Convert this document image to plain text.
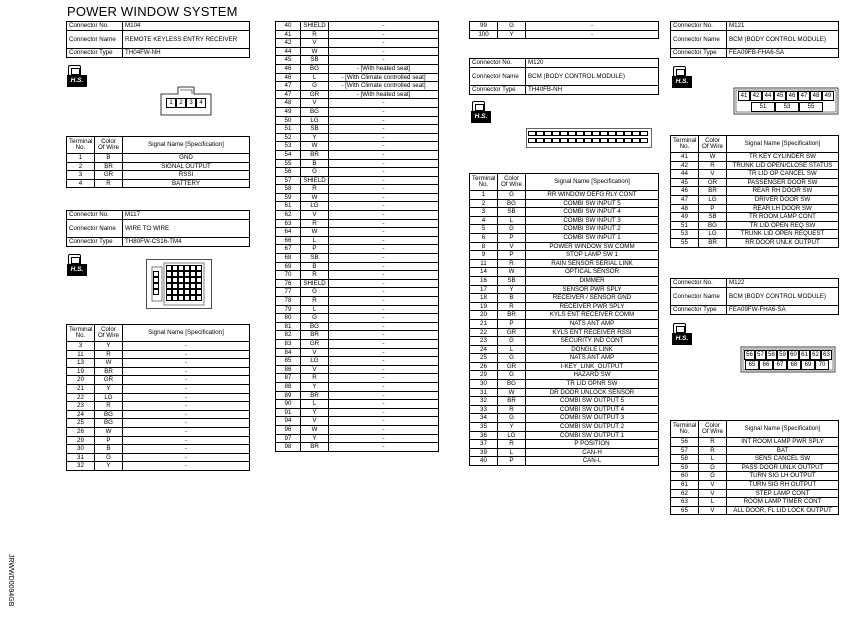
POWER WINDOW SYSTEM
JRWWD0094GB
Connector No.	M104
Connector Name	REMOTE KEYLESS ENTRY RECEIVER
Connector Type	TH04FW-NH
H.S.
1	2	3	4
Terminal No.	Color Of Wire	Signal Name [Specification]
1	B	GND
2	BR	SIGNAL OUTPUT
3	GR	RSSI
4	R	BATTERY
Connector No.	M117
Connector Name	WIRE TO WIRE
Connector Type	TH80FW-CS16-TM4
H.S.
Terminal No.	Color Of Wire	Signal Name [Specification]
3	Y	-
11	R	-
13	W	-
19	BR	-
20	GR	-
21	Y	-
22	LG	-
23	R	-
24	BG	-
25	BG	-
26	W	-
29	P	-
30	B	-
31	G	-
32	Y	-
40	SHIELD	-
41	R	-
42	V	-
44	W	-
45	SB	-
46	BG	- [With heated seat]
46	L	- [With Climate controlled seat]
47	G	- [With Climate controlled seat]
47	GR	- [With heated seat]
48	V	-
49	BG	-
50	LG	-
51	SB	-
52	Y	-
53	W	-
54	BR	-
55	B	-
56	G	-
57	SHIELD	-
58	R	-
59	W	-
61	LG	-
62	V	-
63	R	-
64	W	-
66	L	-
67	P	-
68	SB	-
69	B	-
70	R	-
76	SHIELD	-
77	G	-
78	R	-
79	L	-
80	G	-
81	BG	-
82	BR	-
83	GR	-
84	V	-
85	LG	-
86	V	-
87	R	-
88	Y	-
89	BR	-
90	L	-
91	Y	-
94	V	-
96	W	-
97	Y	-
98	BR	-
99	G	-
100	Y	-
Connector No.	M120
Connector Name	BCM (BODY CONTROL MODULE)
Connector Type	TH40FB-NH
H.S.
Terminal No.	Color Of Wire	Signal Name [Specification]
1	G	RR WINDOW DEFG RLY CONT
2	BG	COMBI SW INPUT 5
3	SB	COMBI SW INPUT 4
4	L	COMBI SW INPUT 3
5	G	COMBI SW INPUT 2
6	P	COMBI SW INPUT 1
8	V	POWER WINDOW SW COMM
9	P	STOP LAMP SW 1
11	R	RAIN SENSOR SERIAL LINK
14	W	OPTICAL SENSOR
16	SB	DIMMER
17	Y	SENSOR PWR SPLY
18	B	RECEIVER / SENSOR GND
19	R	RECEIVER PWR SPLY
20	BR	KYLS ENT RECEIVER COMM
21	P	NATS ANT AMP
22	GR	KYLS ENT RECEIVER RSSI
23	G	SECURITY IND CONT
24	L	DONGLE LINK
25	G	NATS ANT AMP
26	GR	I-KEY_LINK_OUTPUT
29	G	HAZARD SW
30	BG	TR LID OPNR SW
31	W	DR DOOR UNLOCK SENSOR
32	BR	COMBI SW OUTPUT 5
33	R	COMBI SW OUTPUT 4
34	G	COMBI SW OUTPUT 3
35	Y	COMBI SW OUTPUT 2
36	LG	COMBI SW OUTPUT 1
37	R	P POSITION
39	L	CAN-H
40	P	CAN-L
Connector No.	M121
Connector Name	BCM (BODY CONTROL MODULE)
Connector Type	FEA09FB-FHA6-SA
H.S.
41 42 44 45 46 47 48 49
51	53	55
Terminal No.	Color Of Wire	Signal Name [Specification]
41	W	TR KEY CYLINDER SW
42	R	TRUNK LID OPEN/CLOSE STATUS
44	V	TR LID OP CANCEL SW
45	GR	PASSENGER DOOR SW
46	BR	REAR RH DOOR SW
47	LG	DRIVER DOOR SW
48	P	REAR LH DOOR SW
49	SB	TR ROOM LAMP CONT
51	BG	TR LID OPEN REQ SW
53	LG	TRUNK LID OPEN REQUEST
55	BR	RR DOOR UNLK OUTPUT
Connector No.	M122
Connector Name	BCM (BODY CONTROL MODULE)
Connector Type	FEA09FW-FHA6-SA
H.S.
56 57 58 59 60 61 62 63
65	66	67	68	69	70
Terminal No.	Color Of Wire	Signal Name [Specification]
56	R	INT ROOM LAMP PWR SPLY
57	R	BAT
58	L	SENS CANCEL SW
59	G	PASS DOOR UNLK OUTPUT
60	G	TURN SIG LH OUTPUT
61	V	TURN SIG RH OUTPUT
62	V	STEP LAMP CONT
63	L	ROOM LAMP TIMER CONT
65	V	ALL DOOR, FL LID LOCK OUTPUT
